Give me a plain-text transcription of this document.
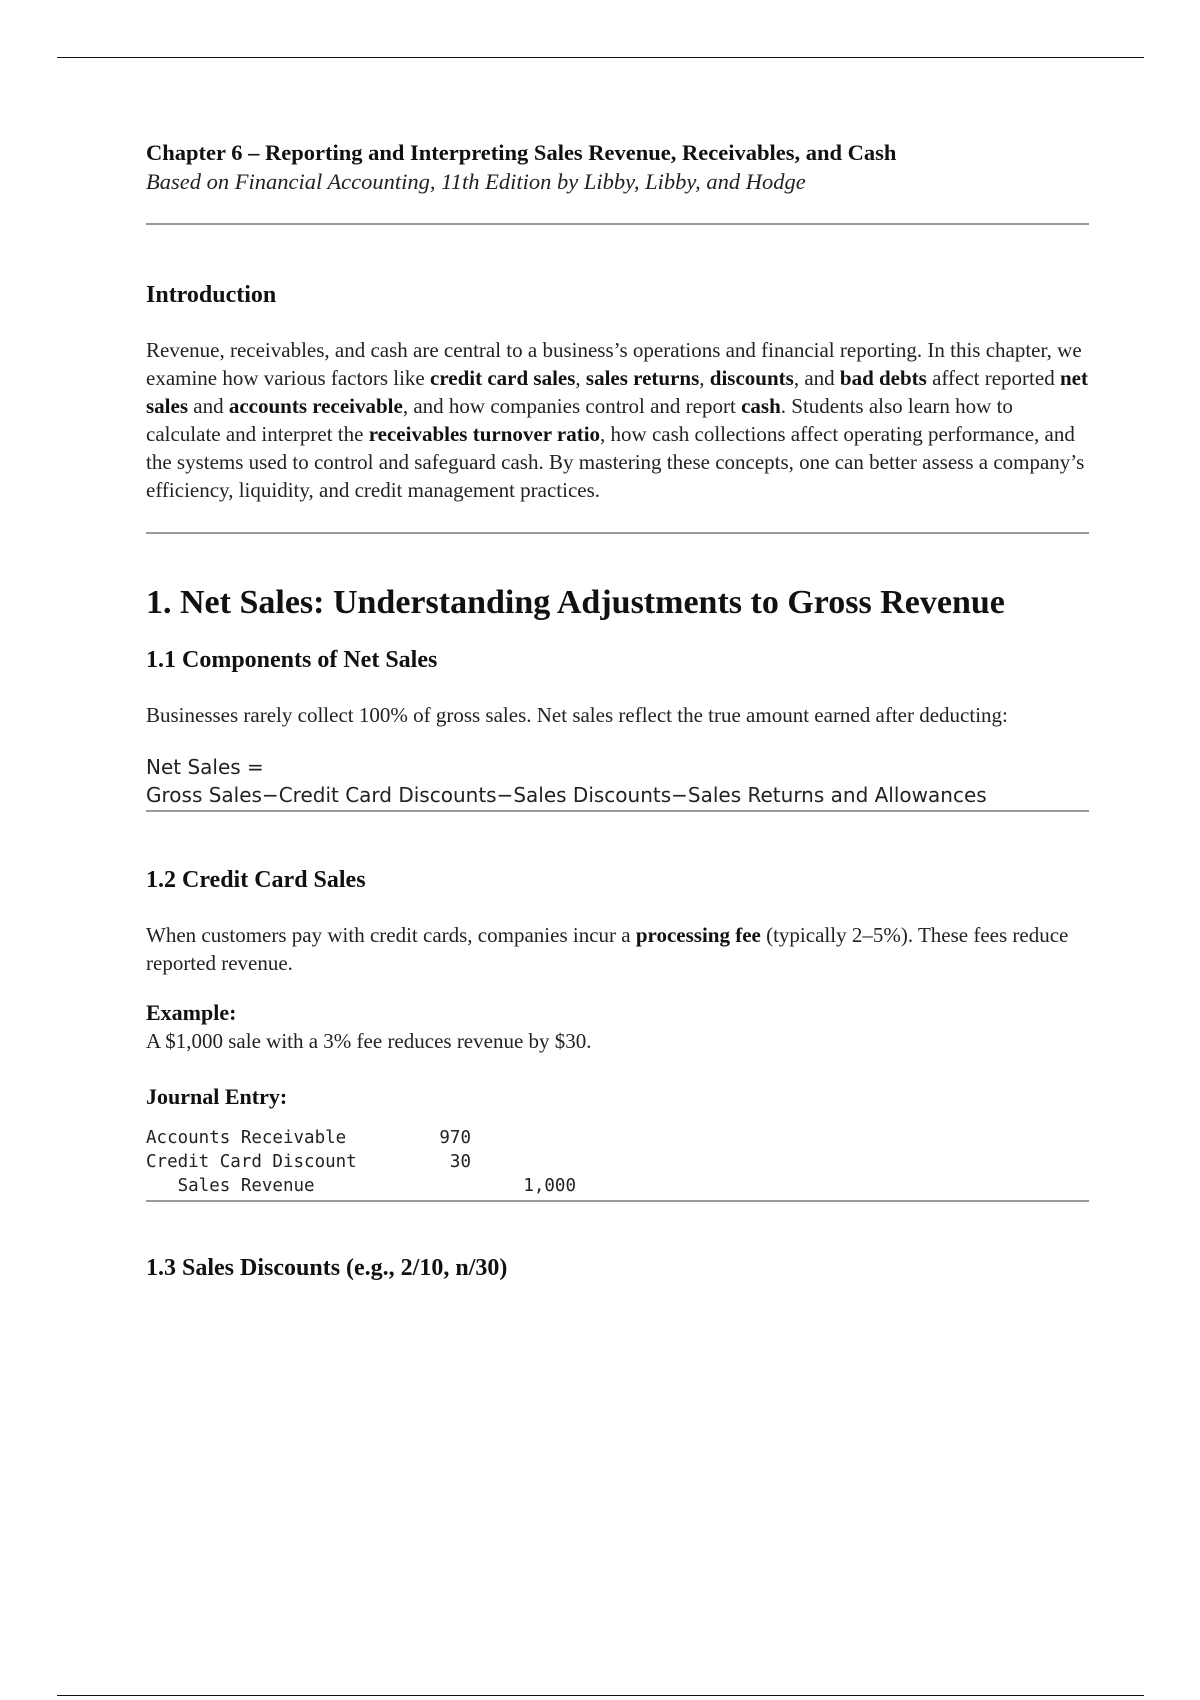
Chapter 6 – Reporting and Interpreting Sales Revenue, Receivables, and Cash
Based on Financial Accounting, 11th Edition by Libby, Libby, and Hodge
Introduction

Revenue, receivables, and cash are central to a business’s operations and financial reporting. In this chapter, we examine how various factors like credit card sales, sales returns, discounts, and bad debts affect reported net sales and accounts receivable, and how companies control and report cash. Students also learn how to calculate and interpret the receivables turnover ratio, how cash collections affect operating performance, and the systems used to control and safeguard cash. By mastering these concepts, one can better assess a company’s efficiency, liquidity, and credit management practices.

1. Net Sales: Understanding Adjustments to Gross Revenue
1.1 Components of Net Sales

Businesses rarely collect 100% of gross sales. Net sales reflect the true amount earned after deducting:

Net Sales =
Gross Sales−Credit Card Discounts−Sales Discounts−Sales Returns and Allowances
1.2 Credit Card Sales

When customers pay with credit cards, companies incur a processing fee (typically 2–5%). These fees reduce reported revenue.

Example:

A $1,000 sale with a 3% fee reduces revenue by $30.

Journal Entry:
Accounts Receivable	970
Credit Card Discount	30
Sales Revenue	1,000
1.3 Sales Discounts (e.g., 2/10, n/30)
